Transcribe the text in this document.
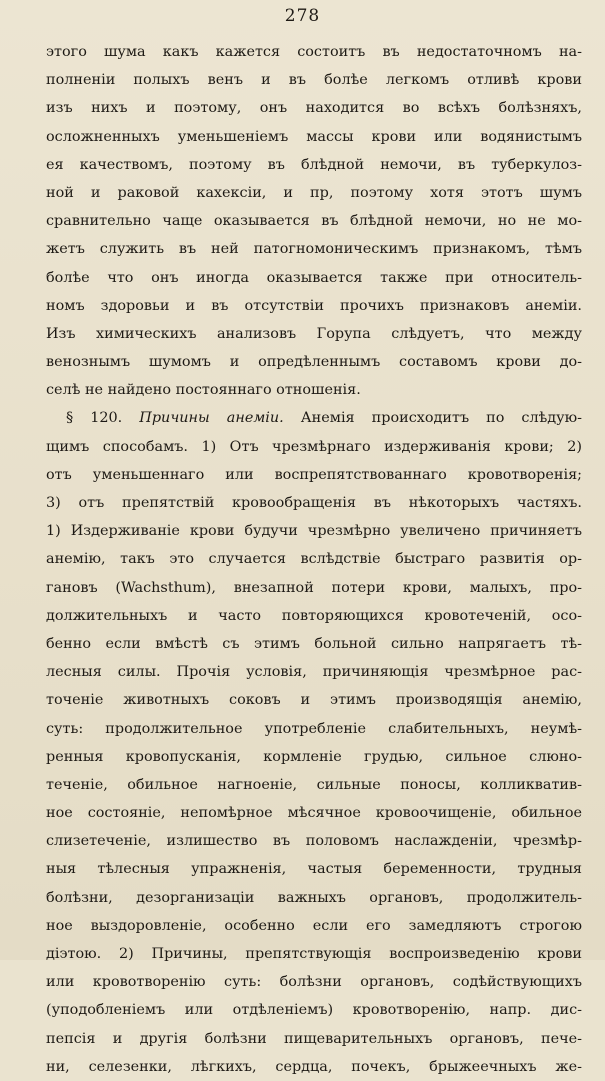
278
этого шума какъ кажется состоитъ въ недостаточномъ на-
полненіи полыхъ венъ и въ болѣе легкомъ отливѣ крови
изъ нихъ и поэтому, онъ находится во всѣхъ болѣзняхъ,
осложненныхъ уменьшеніемъ массы крови или водянистымъ
ея качествомъ, поэтому въ блѣдной немочи, въ туберкулоз-
ной и раковой кахексіи, и пр, поэтому хотя этотъ шумъ
сравнительно чаще оказывается въ блѣдной немочи, но не мо-
жетъ служить въ ней патогномоническимъ признакомъ, тѣмъ
болѣе что онъ иногда оказывается также при относитель-
номъ здоровьи и въ отсутствіи прочихъ признаковъ анеміи.
Изъ химическихъ анализовъ Горупа слѣдуетъ, что между
венознымъ шумомъ и опредѣленнымъ составомъ крови до-
селѣ не найдено постояннаго отношенія.
§ 120. Причины анеміи. Анемія происходитъ по слѣдую-
щимъ способамъ. 1) Отъ чрезмѣрнаго издерживанія крови; 2)
отъ уменьшеннаго или воспрепятствованнаго кровотворенія;
3) отъ препятствій кровообращенія въ нѣкоторыхъ частяхъ.
1) Издерживаніе крови будучи чрезмѣрно увеличено причиняетъ
анемію, такъ это случается вслѣдствіе быстраго развитія ор-
гановъ (Wachsthum), внезапной потери крови, малыхъ, про-
должительныхъ и часто повторяющихся кровотеченій, осо-
бенно если вмѣстѣ съ этимъ больной сильно напрягаетъ тѣ-
лесныя силы. Прочія условія, причиняющія чрезмѣрное рас-
точеніе животныхъ соковъ и этимъ производящія анемію,
суть: продолжительное употребленіе слабительныхъ, неумѣ-
ренныя кровопусканія, кормленіе грудью, сильное слюно-
теченіе, обильное нагноеніе, сильные поносы, колликватив-
ное состояніе, непомѣрное мѣсячное кровоочищеніе, обильное
слизетеченіе, излишество въ половомъ наслажденіи, чрезмѣр-
ныя тѣлесныя упражненія, частыя беременности, трудныя
болѣзни, дезорганизаціи важныхъ органовъ, продолжитель-
ное выздоровленіе, особенно если его замедляютъ строгою
діэтою. 2) Причины, препятствующія воспроизведенію крови
или кровотворенію суть: болѣзни органовъ, содѣйствующихъ
(уподобленіемъ или отдѣленіемъ) кровотворенію, напр. дис-
пепсія и другія болѣзни пищеварительныхъ органовъ, пече-
ни, селезенки, лѣгкихъ, сердца, почекъ, брыжеечныхъ же-
